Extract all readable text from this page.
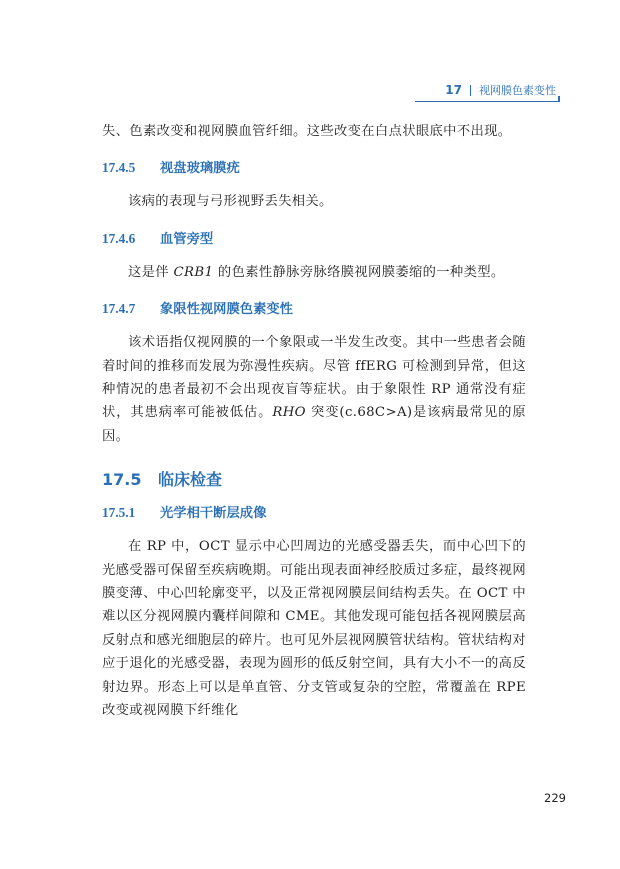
17 视网膜色素变性

失、色素改变和视网膜血管纤细。这些改变在白点状眼底中不出现。

17.4.5 视盘玻璃膜疣

该病的表现与弓形视野丢失相关。

17.4.6 血管旁型

这是伴 CRB1 的色素性静脉旁脉络膜视网膜萎缩的一种类型。

17.4.7 象限性视网膜色素变性

该术语指仅视网膜的一个象限或一半发生改变。其中一些患者会随着时间的推移而发展为弥漫性疾病。尽管 ffERG 可检测到异常，但这种情况的患者最初不会出现夜盲等症状。由于象限性 RP 通常没有症状，其患病率可能被低估。RHO 突变(c.68C>A)是该病最常见的原因。

17.5 临床检查
17.5.1 光学相干断层成像

在 RP 中，OCT 显示中心凹周边的光感受器丢失，而中心凹下的光感受器可保留至疾病晚期。可能出现表面神经胶质过多症，最终视网膜变薄、中心凹轮廓变平，以及正常视网膜层间结构丢失。在 OCT 中难以区分视网膜内囊样间隙和 CME。其他发现可能包括各视网膜层高反射点和感光细胞层的碎片。也可见外层视网膜管状结构。管状结构对应于退化的光感受器，表现为圆形的低反射空间，具有大小不一的高反射边界。形态上可以是单直管、分支管或复杂的空腔，常覆盖在 RPE 改变或视网膜下纤维化

229
